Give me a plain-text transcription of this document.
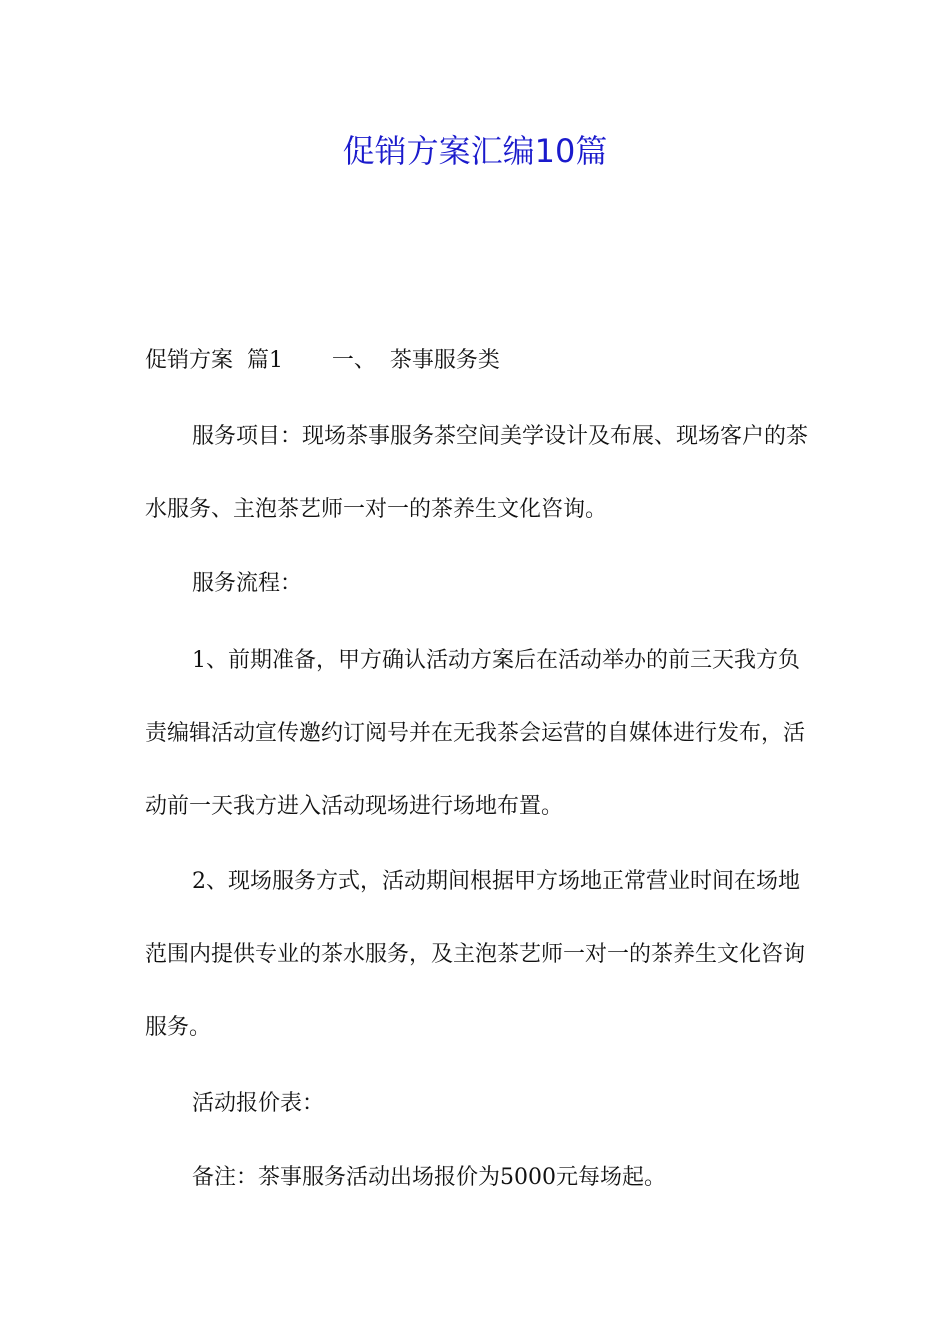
促销方案汇编10篇

促销方案  篇1       一、  茶事服务类

服务项目：现场茶事服务茶空间美学设计及布展、现场客户的茶水服务、主泡茶艺师一对一的茶养生文化咨询。

服务流程：

1、前期准备，甲方确认活动方案后在活动举办的前三天我方负责编辑活动宣传邀约订阅号并在无我茶会运营的自媒体进行发布，活动前一天我方进入活动现场进行场地布置。

2、现场服务方式，活动期间根据甲方场地正常营业时间在场地范围内提供专业的茶水服务，及主泡茶艺师一对一的茶养生文化咨询服务。

活动报价表：

备注：茶事服务活动出场报价为5000元每场起。
